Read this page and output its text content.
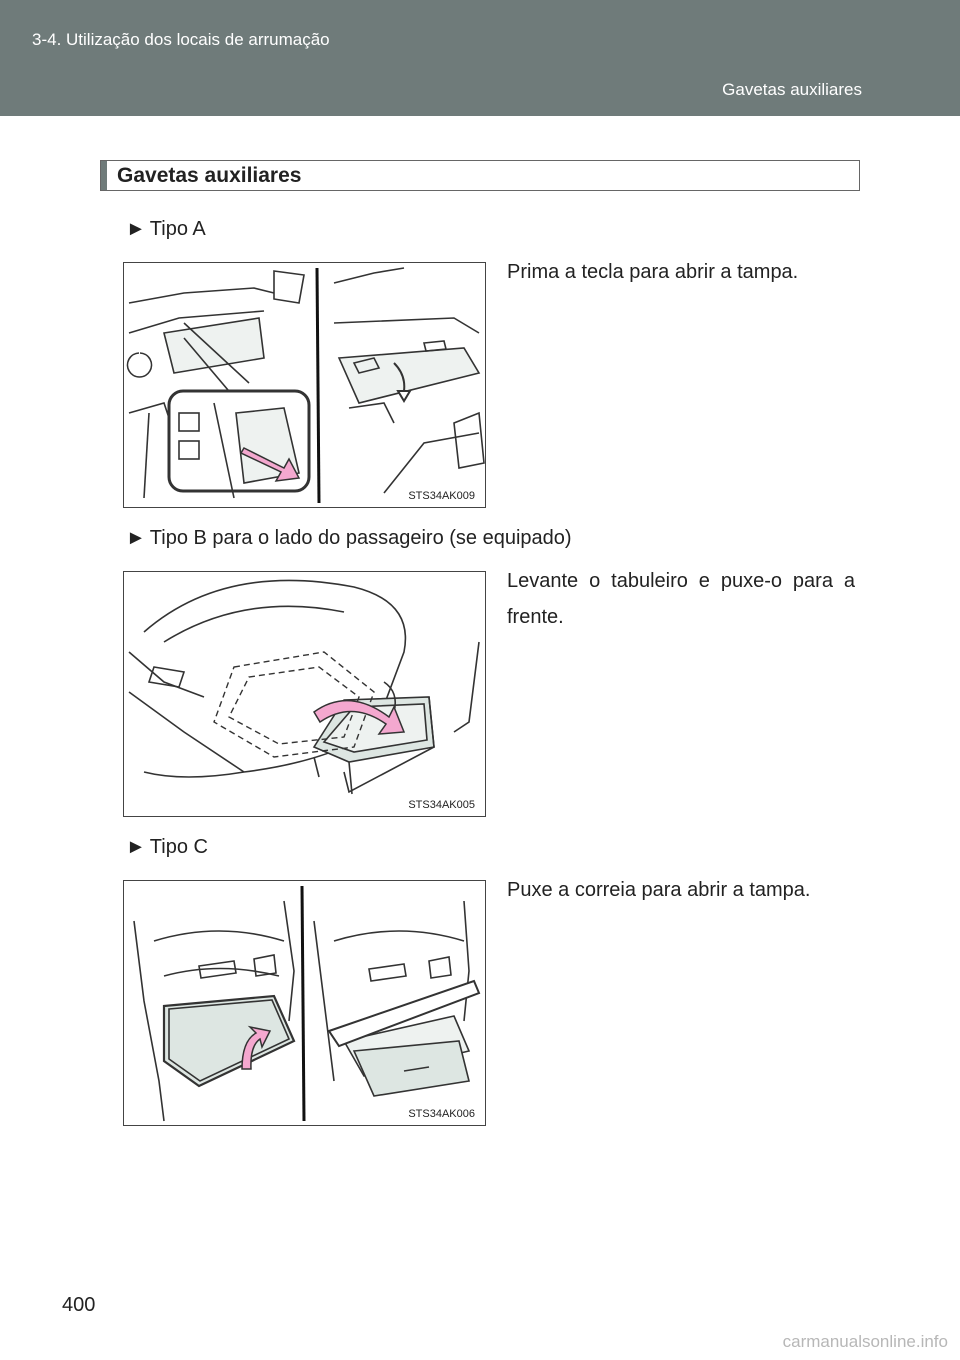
3-4. Utilização dos locais de arrumação
Gavetas auxiliares
Gavetas auxiliares
► Tipo A
STS34AK009
Prima a tecla para abrir a tampa.
► Tipo B para o lado do passageiro (se equipado)
STS34AK005
Levante o tabuleiro e puxe-o para a frente.
► Tipo C
STS34AK006
Puxe a correia para abrir a tampa.
400
carmanualsonline.info
